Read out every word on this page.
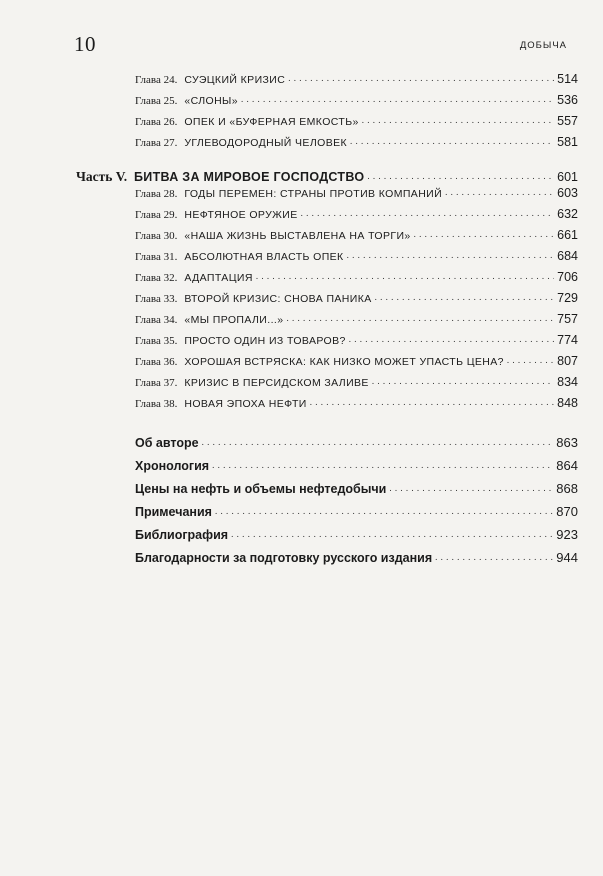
10	ДОБЫЧА
Глава 24. СУЭЦКИЙ КРИЗИС . . .	514
Глава 25. «СЛОНЫ» . . .	536
Глава 26. ОПЕК И «БУФЕРНАЯ ЕМКОСТЬ» . . .	557
Глава 27. УГЛЕВОДОРОДНЫЙ ЧЕЛОВЕК . . .	581
Часть V. БИТВА ЗА МИРОВОЕ ГОСПОДСТВО . . .	601
Глава 28. ГОДЫ ПЕРЕМЕН: СТРАНЫ ПРОТИВ КОМПАНИЙ . . .	603
Глава 29. НЕФТЯНОЕ ОРУЖИЕ . . .	632
Глава 30. «НАША ЖИЗНЬ ВЫСТАВЛЕНА НА ТОРГИ» . . .	661
Глава 31. АБСОЛЮТНАЯ ВЛАСТЬ ОПЕК . . .	684
Глава 32. АДАПТАЦИЯ . . .	706
Глава 33. ВТОРОЙ КРИЗИС: СНОВА ПАНИКА . . .	729
Глава 34. «МЫ ПРОПАЛИ...» . . .	757
Глава 35. ПРОСТО ОДИН ИЗ ТОВАРОВ? . . .	774
Глава 36. ХОРОШАЯ ВСТРЯСКА: КАК НИЗКО МОЖЕТ УПАСТЬ ЦЕНА? . . .	807
Глава 37. КРИЗИС В ПЕРСИДСКОМ ЗАЛИВЕ . . .	834
Глава 38. НОВАЯ ЭПОХА НЕФТИ . . .	848
Об авторе . . .	863
Хронология . . .	864
Цены на нефть и объемы нефтедобычи . . .	868
Примечания . . .	870
Библиография . . .	923
Благодарности за подготовку русского издания . . .	944
